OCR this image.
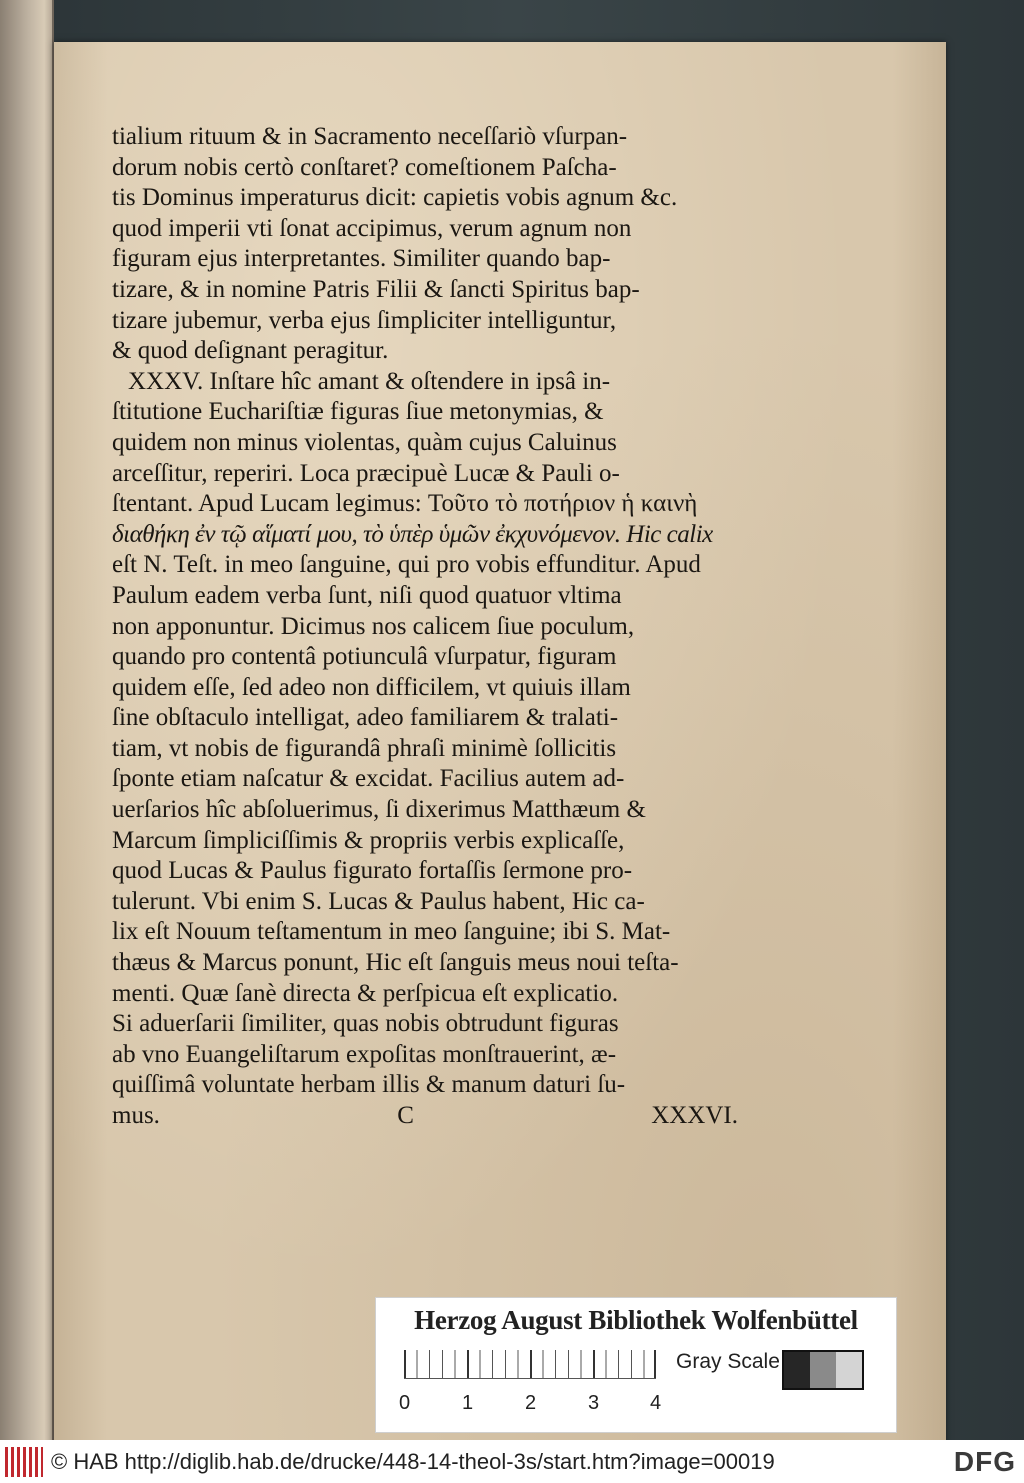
tialium rituum & in Sacramento neceſſariò vſurpan-
dorum nobis certò conſtaret? comeſtionem Paſcha-
tis Dominus imperaturus dicit: capietis vobis agnum &c.
quod imperii vti ſonat accipimus, verum agnum non
figuram ejus interpretantes. Similiter quando bap-
tizare, & in nomine Patris Filii & ſancti Spiritus bap-
tizare jubemur, verba ejus ſimpliciter intelliguntur,
& quod deſignant peragitur.
XXXV. Inſtare hîc amant & oſtendere in ipsâ in-
ſtitutione Euchariſtiæ figuras ſiue metonymias, &
quidem non minus violentas, quàm cujus Caluinus
arceſſitur, reperiri. Loca præcipuè Lucæ & Pauli o-
ſtentant. Apud Lucam legimus: Τοῦτο τὸ ποτήριον ἡ καινὴ
διαθήκη ἐν τῷ αἵματί μου, τὸ ὑπὲρ ὑμῶν ἐκχυνόμενον. Hic calix
eſt N. Teſt. in meo ſanguine, qui pro vobis effunditur. Apud
Paulum eadem verba ſunt, niſi quod quatuor vltima
non apponuntur. Dicimus nos calicem ſiue poculum,
quando pro contentâ potiunculâ vſurpatur, figuram
quidem eſſe, ſed adeo non difficilem, vt quiuis illam
ſine obſtaculo intelligat, adeo familiarem & tralati-
tiam, vt nobis de figurandâ phraſi minimè ſollicitis
ſponte etiam naſcatur & excidat. Facilius autem ad-
uerſarios hîc abſoluerimus, ſi dixerimus Matthæum &
Marcum ſimpliciſſimis & propriis verbis explicaſſe,
quod Lucas & Paulus figurato fortaſſis ſermone pro-
tulerunt. Vbi enim S. Lucas & Paulus habent, Hic ca-
lix eſt Nouum teſtamentum in meo ſanguine; ibi S. Mat-
thæus & Marcus ponunt, Hic eſt ſanguis meus noui teſta-
menti. Quæ ſanè directa & perſpicua eſt explicatio.
Si aduerſarii ſimiliter, quas nobis obtrudunt figuras
ab vno Euangeliſtarum expoſitas monſtrauerint, æ-
quiſſimâ voluntate herbam illis & manum daturi ſu-
mus.	C	XXXVI.
Herzog August Bibliothek Wolfenbüttel
0	1	2	3	4
Gray Scale
© HAB http://diglib.hab.de/drucke/448-14-theol-3s/start.htm?image=00019	DFG
